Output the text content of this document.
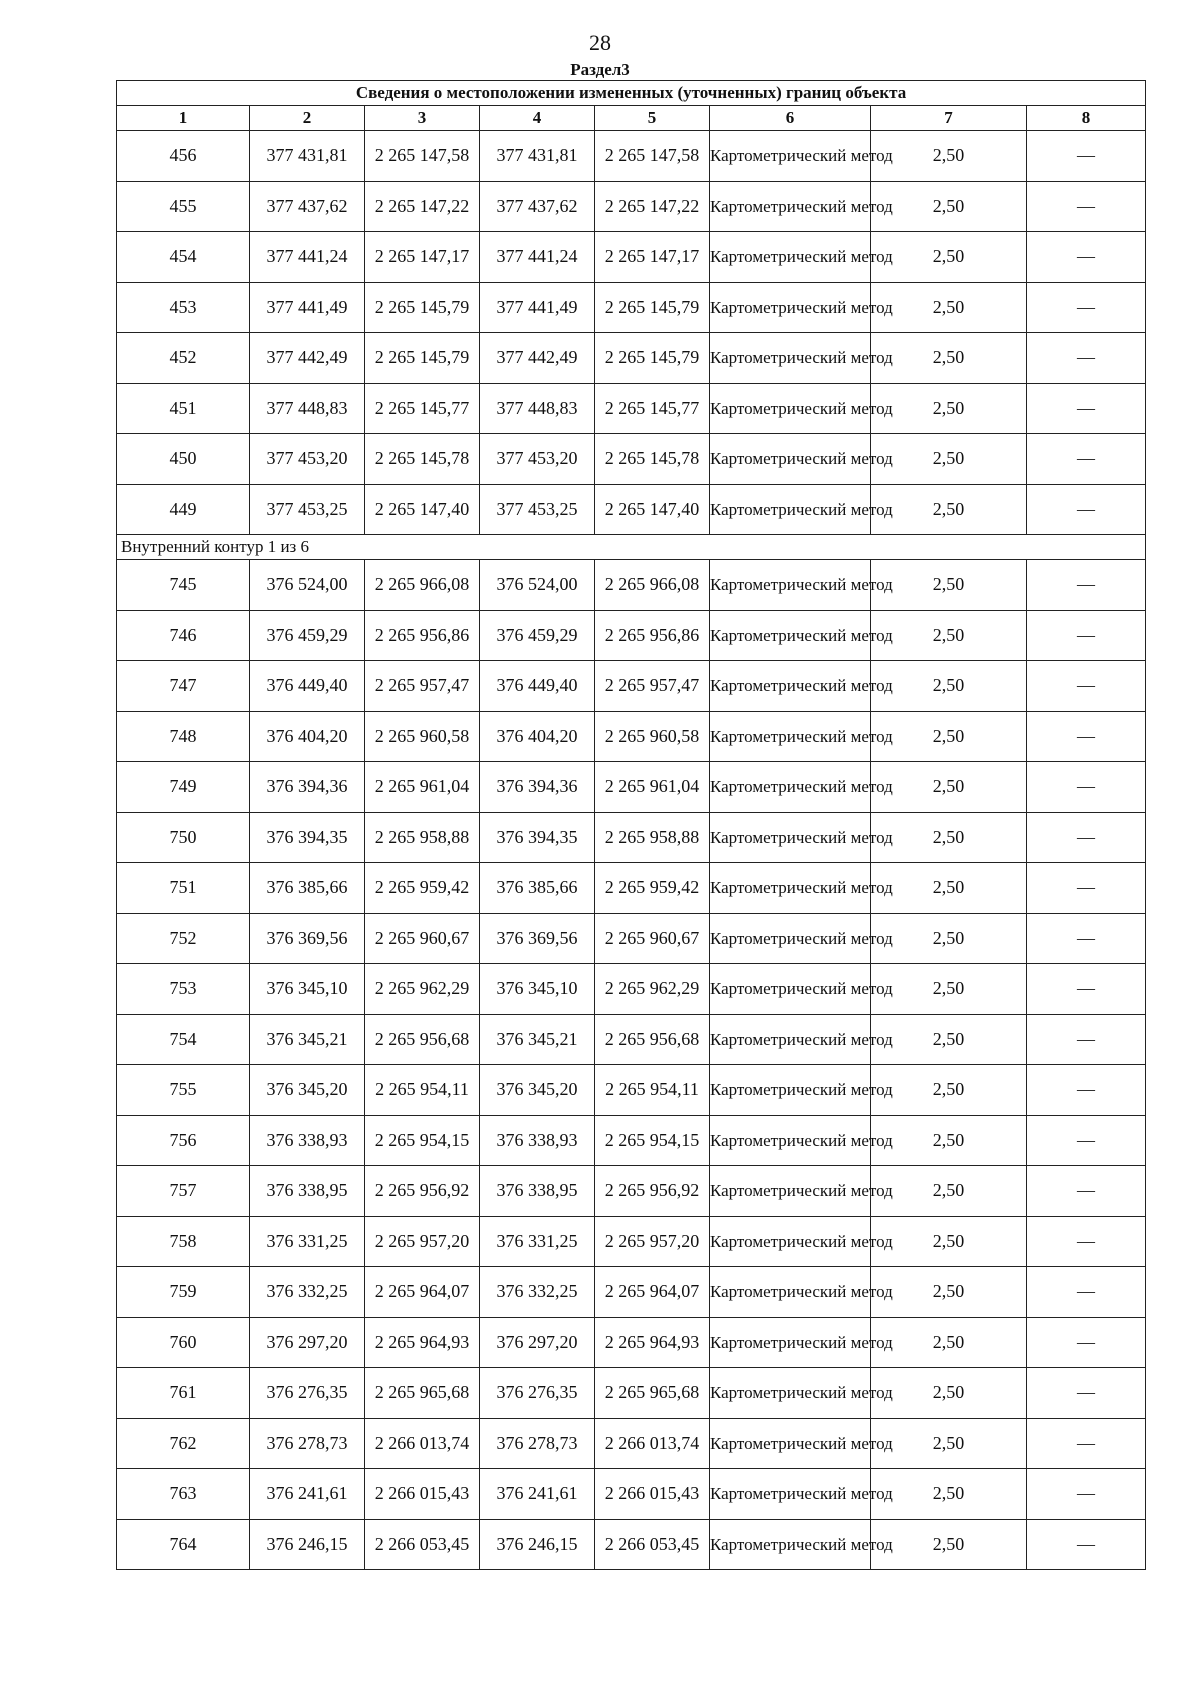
28
Раздел3
Сведения о местоположении измененных (уточненных) границ объекта							
1	2	3	4	5	6	7	8
456	377 431,81	2 265 147,58	377 431,81	2 265 147,58	Картометрический метод	2,50	—
455	377 437,62	2 265 147,22	377 437,62	2 265 147,22	Картометрический метод	2,50	—
454	377 441,24	2 265 147,17	377 441,24	2 265 147,17	Картометрический метод	2,50	—
453	377 441,49	2 265 145,79	377 441,49	2 265 145,79	Картометрический метод	2,50	—
452	377 442,49	2 265 145,79	377 442,49	2 265 145,79	Картометрический метод	2,50	—
451	377 448,83	2 265 145,77	377 448,83	2 265 145,77	Картометрический метод	2,50	—
450	377 453,20	2 265 145,78	377 453,20	2 265 145,78	Картометрический метод	2,50	—
449	377 453,25	2 265 147,40	377 453,25	2 265 147,40	Картометрический метод	2,50	—
Внутренний контур 1 из 6							
745	376 524,00	2 265 966,08	376 524,00	2 265 966,08	Картометрический метод	2,50	—
746	376 459,29	2 265 956,86	376 459,29	2 265 956,86	Картометрический метод	2,50	—
747	376 449,40	2 265 957,47	376 449,40	2 265 957,47	Картометрический метод	2,50	—
748	376 404,20	2 265 960,58	376 404,20	2 265 960,58	Картометрический метод	2,50	—
749	376 394,36	2 265 961,04	376 394,36	2 265 961,04	Картометрический метод	2,50	—
750	376 394,35	2 265 958,88	376 394,35	2 265 958,88	Картометрический метод	2,50	—
751	376 385,66	2 265 959,42	376 385,66	2 265 959,42	Картометрический метод	2,50	—
752	376 369,56	2 265 960,67	376 369,56	2 265 960,67	Картометрический метод	2,50	—
753	376 345,10	2 265 962,29	376 345,10	2 265 962,29	Картометрический метод	2,50	—
754	376 345,21	2 265 956,68	376 345,21	2 265 956,68	Картометрический метод	2,50	—
755	376 345,20	2 265 954,11	376 345,20	2 265 954,11	Картометрический метод	2,50	—
756	376 338,93	2 265 954,15	376 338,93	2 265 954,15	Картометрический метод	2,50	—
757	376 338,95	2 265 956,92	376 338,95	2 265 956,92	Картометрический метод	2,50	—
758	376 331,25	2 265 957,20	376 331,25	2 265 957,20	Картометрический метод	2,50	—
759	376 332,25	2 265 964,07	376 332,25	2 265 964,07	Картометрический метод	2,50	—
760	376 297,20	2 265 964,93	376 297,20	2 265 964,93	Картометрический метод	2,50	—
761	376 276,35	2 265 965,68	376 276,35	2 265 965,68	Картометрический метод	2,50	—
762	376 278,73	2 266 013,74	376 278,73	2 266 013,74	Картометрический метод	2,50	—
763	376 241,61	2 266 015,43	376 241,61	2 266 015,43	Картометрический метод	2,50	—
764	376 246,15	2 266 053,45	376 246,15	2 266 053,45	Картометрический метод	2,50	—
